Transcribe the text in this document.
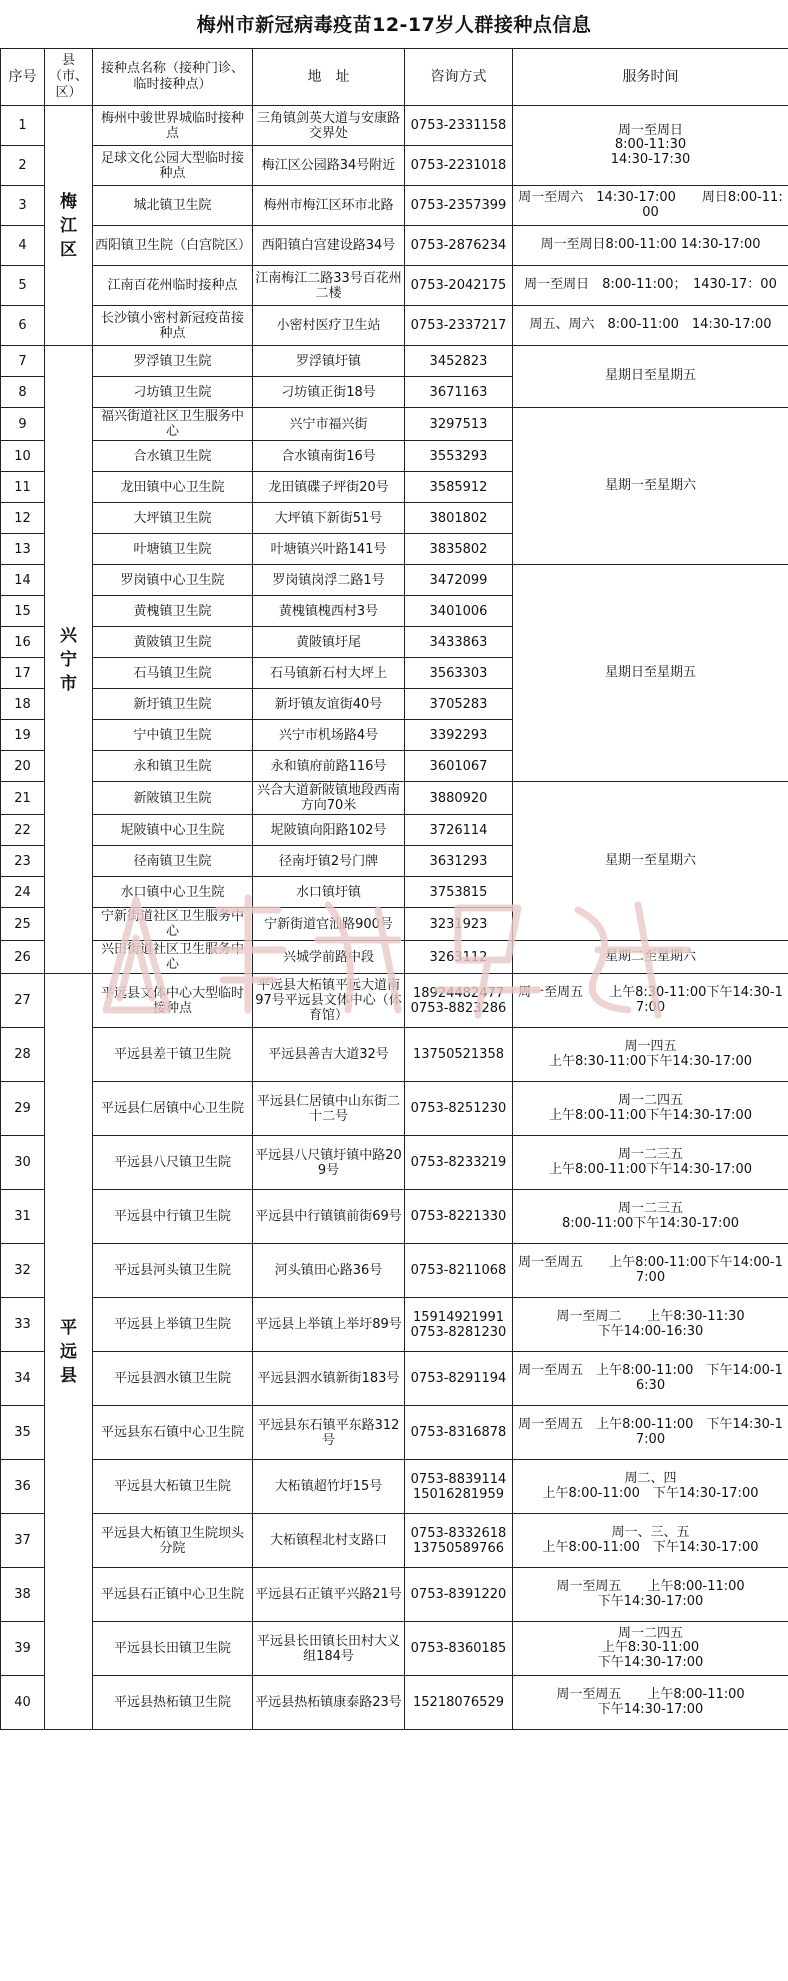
梅州市新冠病毒疫苗12-17岁人群接种点信息
序号	县（市、区）	接种点名称（接种门诊、临时接种点）	地　址	咨询方式	服务时间
1	梅江区	梅州中骏世界城临时接种点	三角镇剑英大道与安康路交界处	0753-2331158	周一至周日
8:00-11:30
14:30-17:30
2		足球文化公园大型临时接种点	梅江区公园路34号附近	0753-2231018	
3		城北镇卫生院	梅州市梅江区环市北路	0753-2357399	周一至周六　14:30-17:00　　周日8:00-11:00
4		西阳镇卫生院（白宫院区）	西阳镇白宫建设路34号	0753-2876234	周一至周日8:00-11:00 14:30-17:00
5		江南百花州临时接种点	江南梅江二路33号百花州二楼	0753-2042175	周一至周日　8:00-11:00；　1430-17：00
6		长沙镇小密村新冠疫苗接种点	小密村医疗卫生站	0753-2337217	周五、周六　8:00-11:00　14:30-17:00
7	兴宁市	罗浮镇卫生院	罗浮镇圩镇	3452823	星期日至星期五
8		刁坊镇卫生院	刁坊镇正街18号	3671163	
9		福兴街道社区卫生服务中心	兴宁市福兴街	3297513	星期一至星期六
10		合水镇卫生院	合水镇南街16号	3553293	
11		龙田镇中心卫生院	龙田镇碟子坪街20号	3585912	
12		大坪镇卫生院	大坪镇下新街51号	3801802	
13		叶塘镇卫生院	叶塘镇兴叶路141号	3835802	
14		罗岗镇中心卫生院	罗岗镇岗浮二路1号	3472099	星期日至星期五
15		黄槐镇卫生院	黄槐镇槐西村3号	3401006	
16		黄陂镇卫生院	黄陂镇圩尾	3433863	
17		石马镇卫生院	石马镇新石村大坪上	3563303	
18		新圩镇卫生院	新圩镇友谊街40号	3705283	
19		宁中镇卫生院	兴宁市机场路4号	3392293	
20		永和镇卫生院	永和镇府前路116号	3601067	
21		新陂镇卫生院	兴合大道新陂镇地段西南方向70米	3880920	星期一至星期六
22		坭陂镇中心卫生院	坭陂镇向阳路102号	3726114	
23		径南镇卫生院	径南圩镇2号门牌	3631293	
24		水口镇中心卫生院	水口镇圩镇	3753815	
25		宁新街道社区卫生服务中心	宁新街道官汕路900号	3231923	
26		兴田街道社区卫生服务中心	兴城学前路中段	3263112	星期二至星期六
27	平远县	平远县文体中心大型临时接种点	平远县大柘镇平远大道南97号平远县文体中心（体育馆）	18924482477
0753-8823286	周一至周五　　上午8:30-11:00下午14:30-17:00
28		平远县差干镇卫生院	平远县善吉大道32号	13750521358	周一四五
上午8:30-11:00下午14:30-17:00
29		平远县仁居镇中心卫生院	平远县仁居镇中山东街二十二号	0753-8251230	周一二四五
上午8:00-11:00下午14:30-17:00
30		平远县八尺镇卫生院	平远县八尺镇圩镇中路209号	0753-8233219	周一二三五
上午8:00-11:00下午14:30-17:00
31		平远县中行镇卫生院	平远县中行镇镇前街69号	0753-8221330	周一二三五
8:00-11:00下午14:30-17:00
32		平远县河头镇卫生院	河头镇田心路36号	0753-8211068	周一至周五　　上午8:00-11:00下午14:00-17:00
33		平远县上举镇卫生院	平远县上举镇上举圩89号	15914921991
0753-8281230	周一至周二　　上午8:30-11:30
下午14:00-16:30
34		平远县泗水镇卫生院	平远县泗水镇新街183号	0753-8291194	周一至周五　上午8:00-11:00　下午14:00-16:30
35		平远县东石镇中心卫生院	平远县东石镇平东路312号	0753-8316878	周一至周五　上午8:00-11:00　下午14:30-17:00
36		平远县大柘镇卫生院	大柘镇超竹圩15号	0753-8839114
15016281959	周二、四
上午8:00-11:00　下午14:30-17:00
37		平远县大柘镇卫生院坝头分院	大柘镇程北村支路口	0753-8332618
13750589766	周一、三、五
上午8:00-11:00　下午14:30-17:00
38		平远县石正镇中心卫生院	平远县石正镇平兴路21号	0753-8391220	周一至周五　　上午8:00-11:00
下午14:30-17:00
39		平远县长田镇卫生院	平远县长田镇长田村大义组184号	0753-8360185	周一二四五
上午8:30-11:00
下午14:30-17:00
40		平远县热柘镇卫生院	平远县热柘镇康泰路23号	15218076529	周一至周五　　上午8:00-11:00
下午14:30-17:00
